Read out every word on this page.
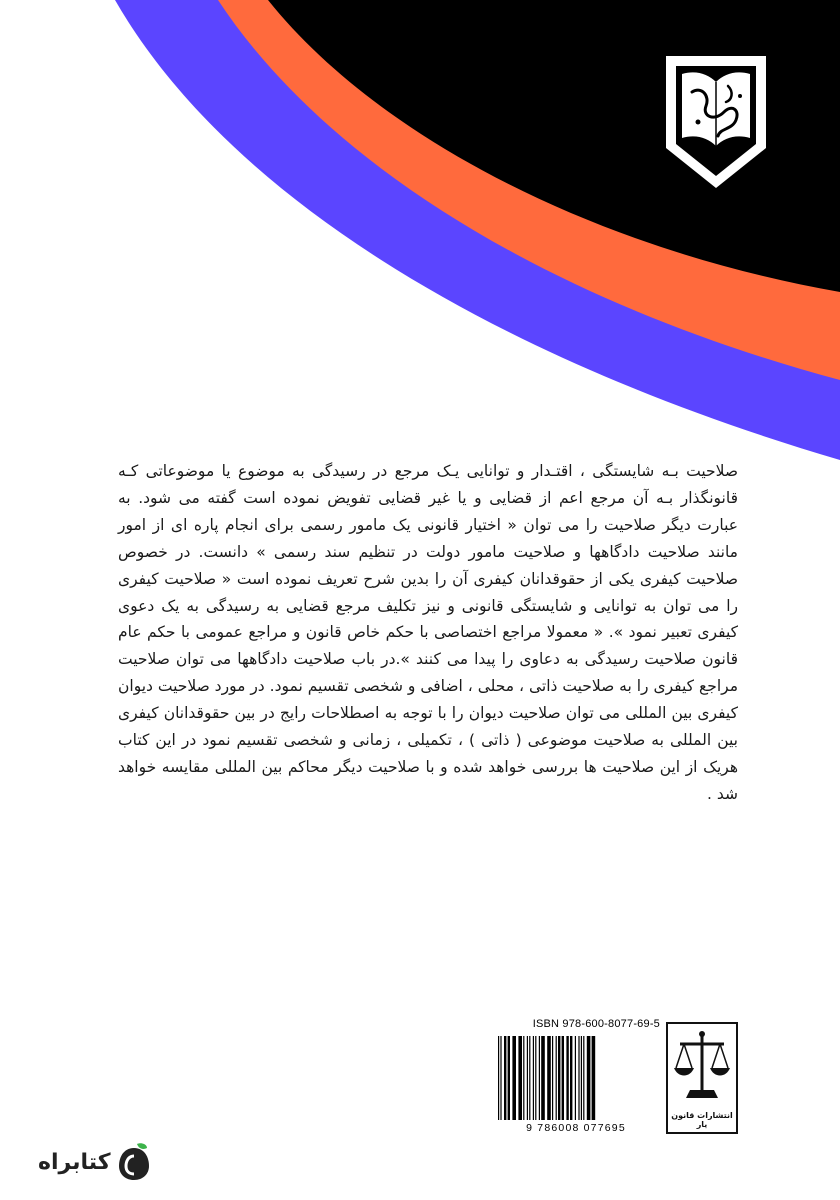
صلاحیت بـه شایستگی ، اقتـدار و توانایی یـک مرجع در رسیدگی به موضوع یا موضوعاتی کـه قانونگذار بـه آن مرجع اعم از قضایی و یا غیر قضایی تفویض نموده است گفته می شود. به عبارت دیگر صلاحیت را می توان « اختیار قانونی یک مامور رسمی برای انجام پاره ای از امور مانند صلاحیت دادگاهها و صلاحیت مامور دولت در تنظیم سند رسمی » دانست. در خصوص صلاحیت کیفری یکی از حقوقدانان کیفری آن را بدین شرح تعریف نموده است « صلاحیت کیفری را می توان به توانایی و شایستگی قانونی و نیز تکلیف مرجع قضایی به رسیدگی به یک دعوی کیفری تعبیر نمود ». « معمولا مراجع اختصاصی با حکم خاص قانون و مراجع عمومی با حکم عام قانون صلاحیت رسیدگی به دعاوی را پیدا می کنند ».در باب صلاحیت دادگاهها می توان صلاحیت مراجع کیفری را به صلاحیت ذاتی ، محلی ، اضافی و شخصی تقسیم نمود. در مورد صلاحیت دیوان کیفری بین المللی می توان صلاحیت دیوان را با توجه به اصطلاحات رایج در بین حقوقدانان کیفری بین المللی به صلاحیت موضوعی ( ذاتی ) ، تکمیلی ، زمانی و شخصی تقسیم نمود در این کتاب هریک از این صلاحیت ها بررسی خواهد شده و با صلاحیت دیگر محاکم بین المللی مقایسه خواهد شد .

ISBN 978-600-8077-69-5
9 786008 077695
انتشارات قانون یار
کتابراه
